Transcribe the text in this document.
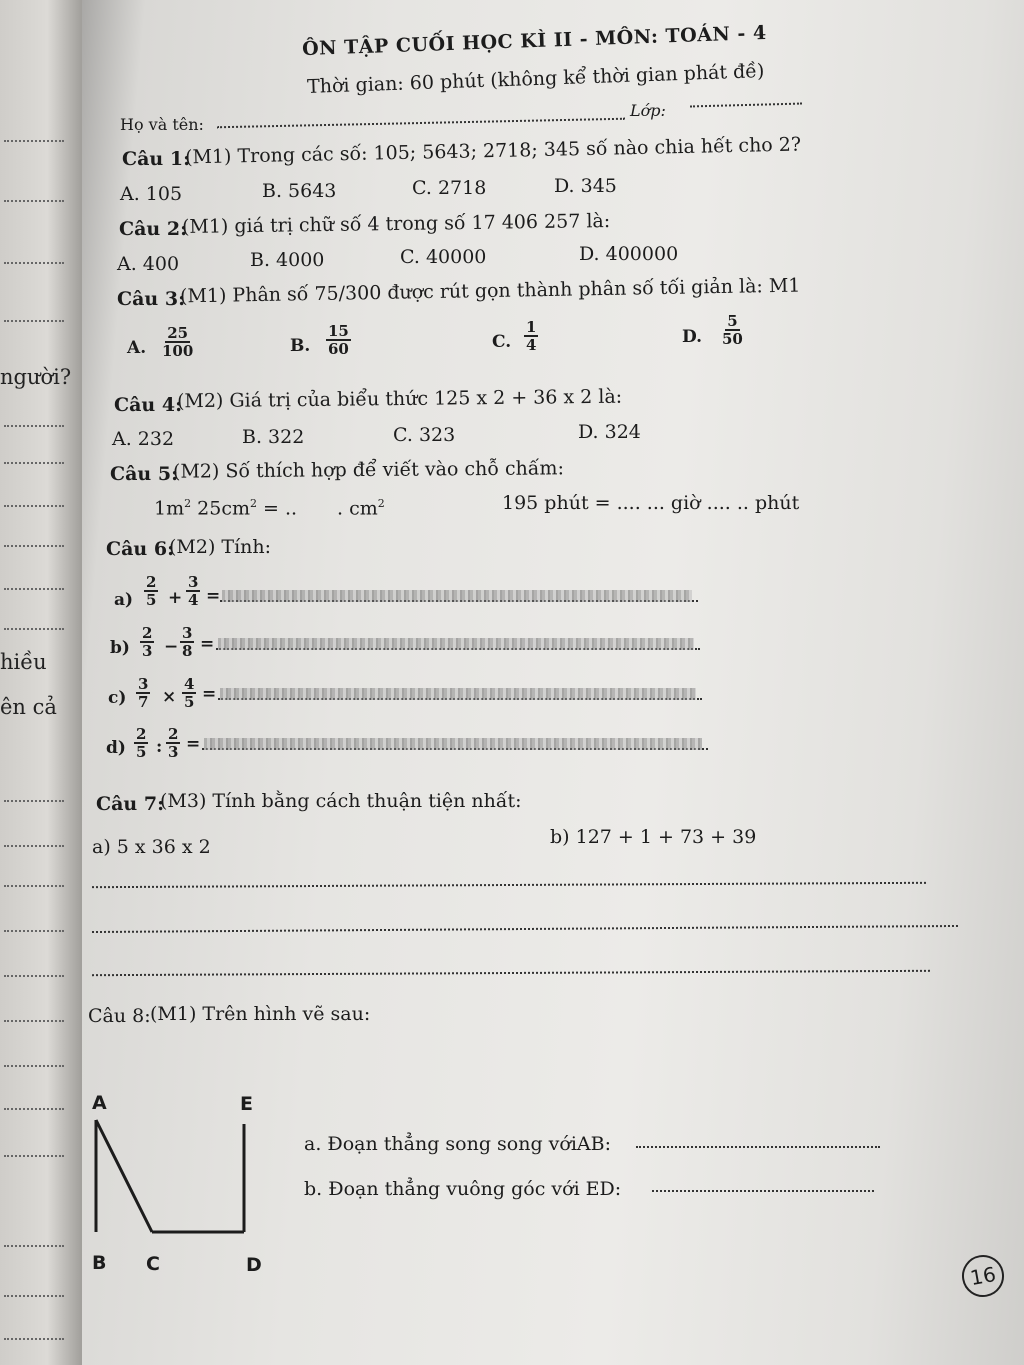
người?
hiều
ên cả
ÔN TẬP CUỐI HỌC KÌ II - MÔN: TOÁN - 4
Thời gian: 60 phút (không kể thời gian phát đề)
Họ và tên:
Lớp:
Câu 1:
(M1) Trong các số: 105; 5643; 2718; 345 số nào chia hết cho 2?
A. 105	B. 5643	C. 2718	D. 345
Câu 2:
(M1) giá trị chữ số 4 trong số 17 406 257 là:
A. 400	B. 4000	C. 40000	D. 400000
Câu 3:
(M1) Phân số 75/300 được rút gọn thành phân số tối giản là: M1
A. $\frac{25}{100}$	B. $\frac{15}{60}$	C. $\frac{1}{4}$	D. $\frac{5}{50}$
Câu 4:
(M2) Giá trị của biểu thức 125 x 2 + 36 x 2 là:
A. 232	B. 322	C. 323	D. 324
Câu 5:
(M2) Số thích hợp để viết vào chỗ chấm:
$1m^2$ $25cm^2$ = .. . $cm^2$	195 phút = .... ... giờ .... .. phút
Câu 6:
(M2) Tính:
$a) \frac{2}{5} + \frac{3}{4}$ =
$b) \frac{2}{3} - \frac{3}{8}$ =
$c) \frac{3}{7} \times \frac{4}{5}$ =
$d) \frac{2}{5}$ : $\frac{2}{3}$ =
Câu 7:
(M3) Tính bằng cách thuận tiện nhất:
a) 5 x 36 x 2	b) 127 + 1 + 73 + 39
Câu 8: (M1) Trên hình vẽ sau:
A	E
B C	D
a. Đoạn thẳng song song vớiAB:
b. Đoạn thẳng vuông góc với ED:
16
